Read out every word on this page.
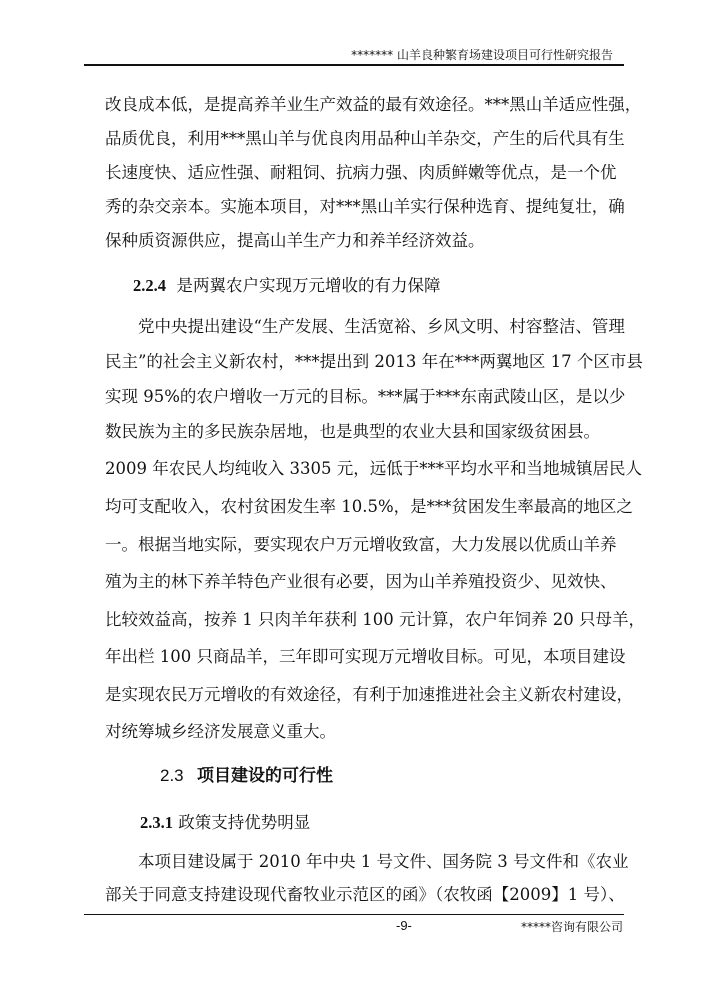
******* 山羊良种繁育场建设项目可行性研究报告
改良成本低，是提高养羊业生产效益的最有效途径。***黑山羊适应性强，
品质优良，利用***黑山羊与优良肉用品种山羊杂交，产生的后代具有生
长速度快、适应性强、耐粗饲、抗病力强、肉质鲜嫩等优点，是一个优
秀的杂交亲本。实施本项目，对***黑山羊实行保种选育、提纯复壮，确
保种质资源供应，提高山羊生产力和养羊经济效益。
2.2.4 是两翼农户实现万元增收的有力保障
党中央提出建设“生产发展、生活宽裕、乡风文明、村容整洁、管理
民主”的社会主义新农村，***提出到 2013 年在***两翼地区 17 个区市县
实现 95%的农户增收一万元的目标。***属于***东南武陵山区，是以少
数民族为主的多民族杂居地，也是典型的农业大县和国家级贫困县。
2009 年农民人均纯收入 3305 元，远低于***平均水平和当地城镇居民人
均可支配收入，农村贫困发生率 10.5%，是***贫困发生率最高的地区之
一。根据当地实际，要实现农户万元增收致富，大力发展以优质山羊养
殖为主的林下养羊特色产业很有必要，因为山羊养殖投资少、见效快、
比较效益高，按养 1 只肉羊年获利 100 元计算，农户年饲养 20 只母羊，
年出栏 100 只商品羊，三年即可实现万元增收目标。可见，本项目建设
是实现农民万元增收的有效途径，有利于加速推进社会主义新农村建设，
对统筹城乡经济发展意义重大。
2.3 项目建设的可行性
2.3.1 政策支持优势明显
本项目建设属于 2010 年中央 1 号文件、国务院 3 号文件和《农业
部关于同意支持建设现代畜牧业示范区的函》（农牧函【2009】1 号）、
-9-	*****咨询有限公司
